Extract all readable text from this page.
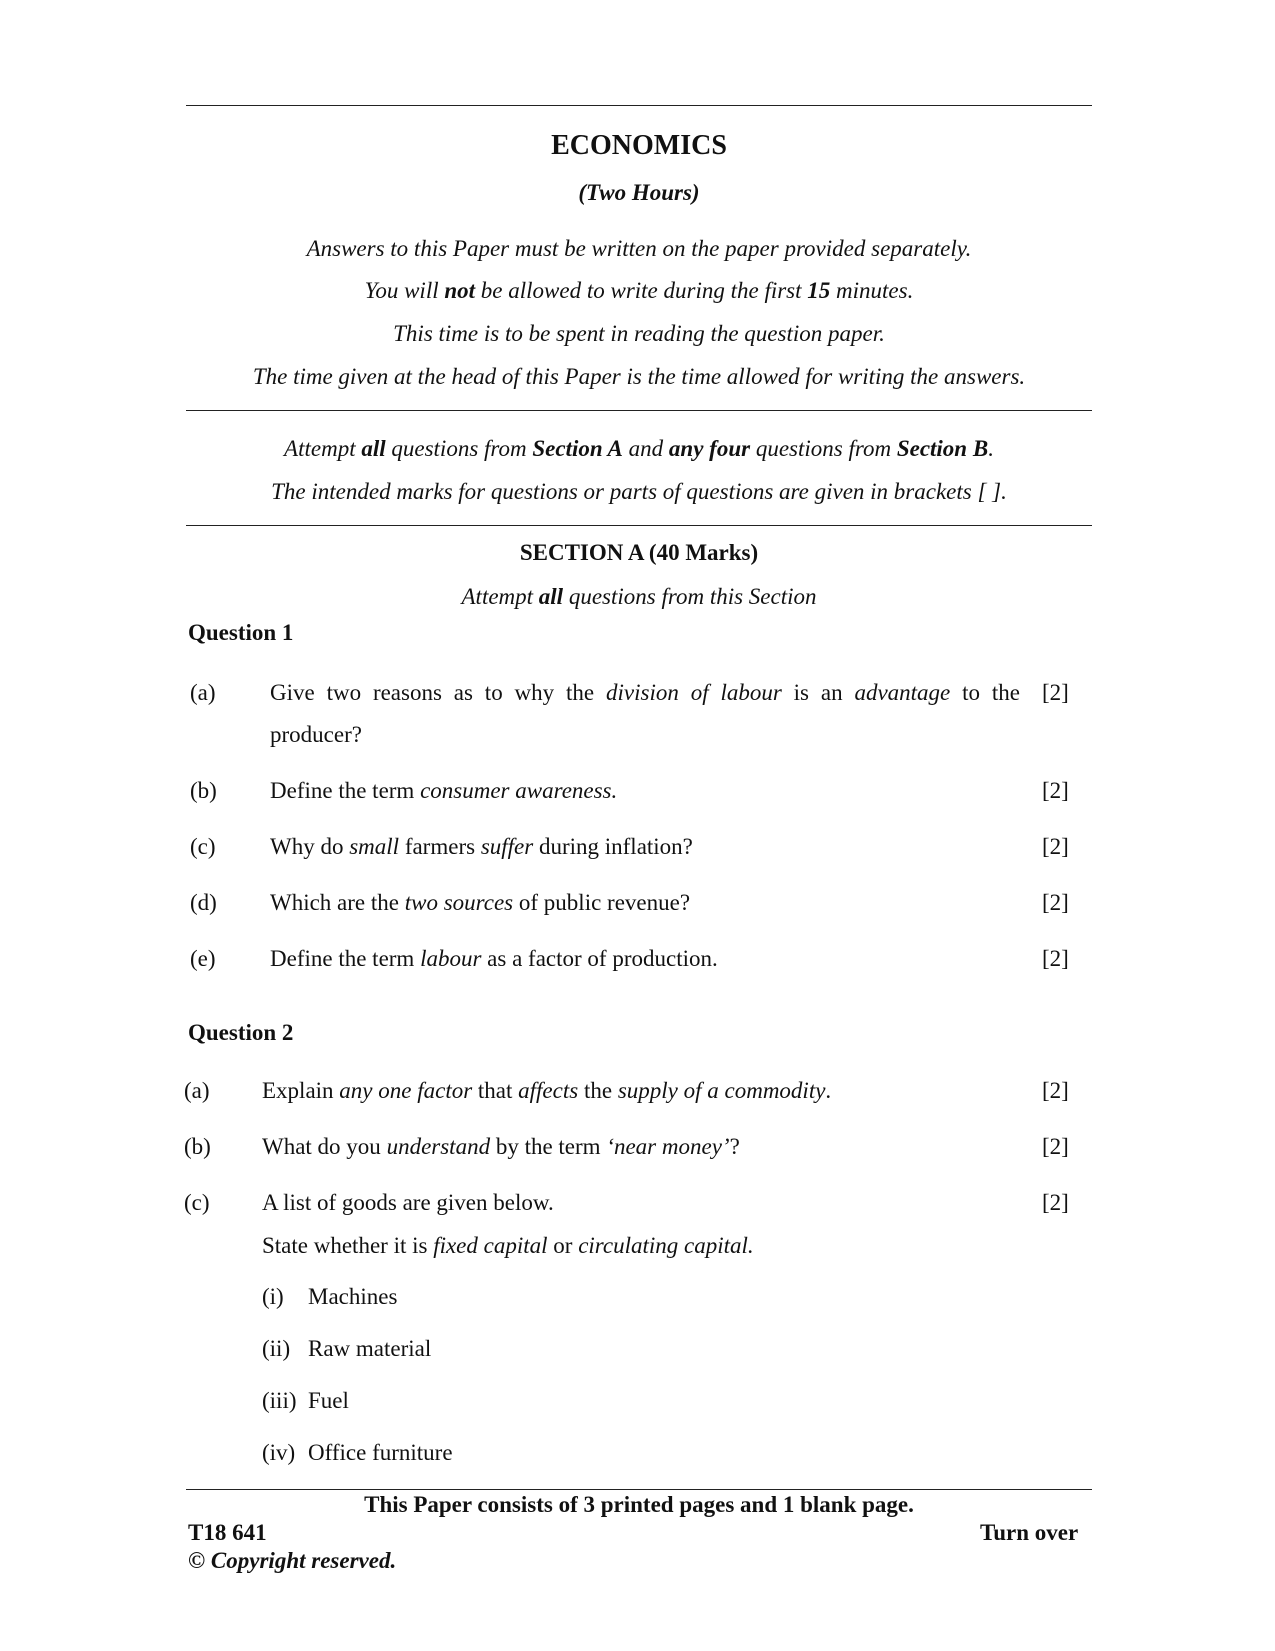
ECONOMICS
(Two Hours)
Answers to this Paper must be written on the paper provided separately.
You will not be allowed to write during the first 15 minutes.
This time is to be spent in reading the question paper.
The time given at the head of this Paper is the time allowed for writing the answers.
Attempt all questions from Section A and any four questions from Section B.
The intended marks for questions or parts of questions are given in brackets [ ].
SECTION A (40 Marks)
Attempt all questions from this Section
Question 1
(a) Give two reasons as to why the division of labour is an advantage to the
producer?
[2]
(b) Define the term consumer awareness.	[2]
(c) Why do small farmers suffer during inflation?	[2]
(d) Which are the two sources of public revenue?	[2]
(e) Define the term labour as a factor of production.	[2]
Question 2
(a) Explain any one factor that affects the supply of a commodity.	[2]
(b) What do you understand by the term ‘near money’?	[2]
(c) A list of goods are given below.	[2]
State whether it is fixed capital or circulating capital.
(i) Machines
(ii) Raw material
(iii) Fuel
(iv) Office furniture
This Paper consists of 3 printed pages and 1 blank page.
T18 641	Turn over
© Copyright reserved.
